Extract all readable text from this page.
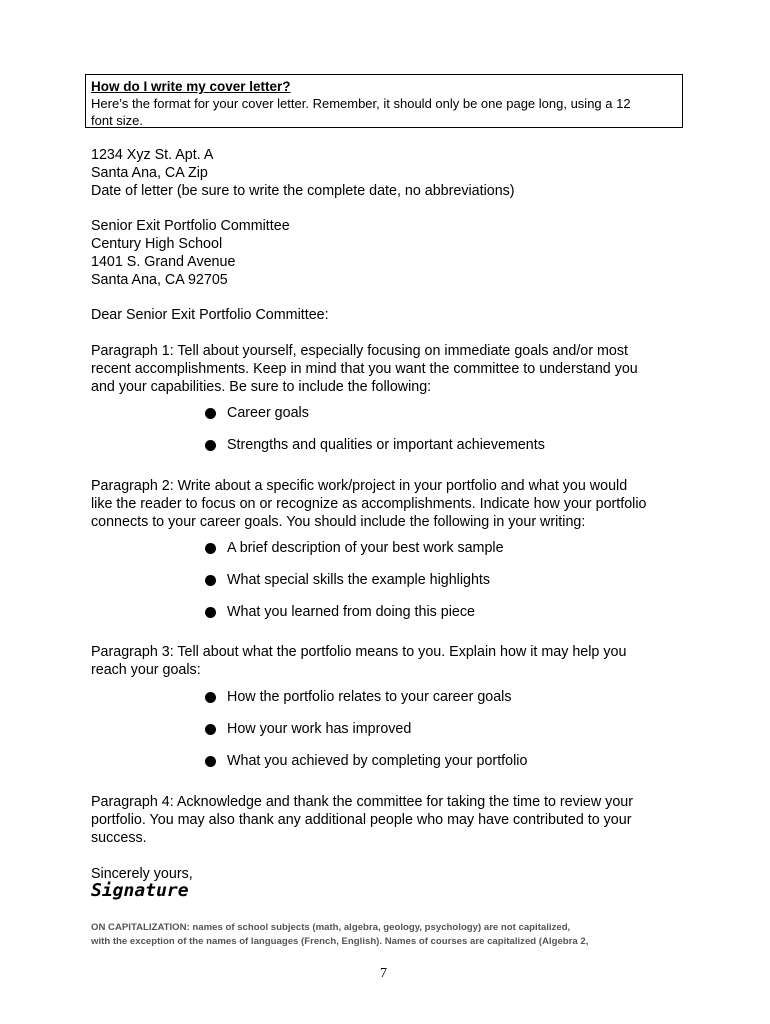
How do I write my cover letter?
Here’s the format for your cover letter. Remember, it should only be one page long, using a 12
font size.
1234 Xyz St. Apt. A
Santa Ana, CA Zip
Date of letter (be sure to write the complete date, no abbreviations)
Senior Exit Portfolio Committee
Century High School
1401 S. Grand Avenue
Santa Ana, CA 92705
Dear Senior Exit Portfolio Committee:
Paragraph 1: Tell about yourself, especially focusing on immediate goals and/or most
recent accomplishments. Keep in mind that you want the committee to understand you
and your capabilities. Be sure to include the following:
Career goals
Strengths and qualities or important achievements
Paragraph 2: Write about a specific work/project in your portfolio and what you would
like the reader to focus on or recognize as accomplishments. Indicate how your portfolio
connects to your career goals. You should include the following in your writing:
A brief description of your best work sample
What special skills the example highlights
What you learned from doing this piece
Paragraph 3: Tell about what the portfolio means to you. Explain how it may help you
reach your goals:
How the portfolio relates to your career goals
How your work has improved
What you achieved by completing your portfolio
Paragraph 4: Acknowledge and thank the committee for taking the time to review your
portfolio. You may also thank any additional people who may have contributed to your
success.
Sincerely yours,
Signature
ON CAPITALIZATION: names of school subjects (math, algebra, geology, psychology) are not capitalized,
with the exception of the names of languages (French, English). Names of courses are capitalized (Algebra 2,
7
